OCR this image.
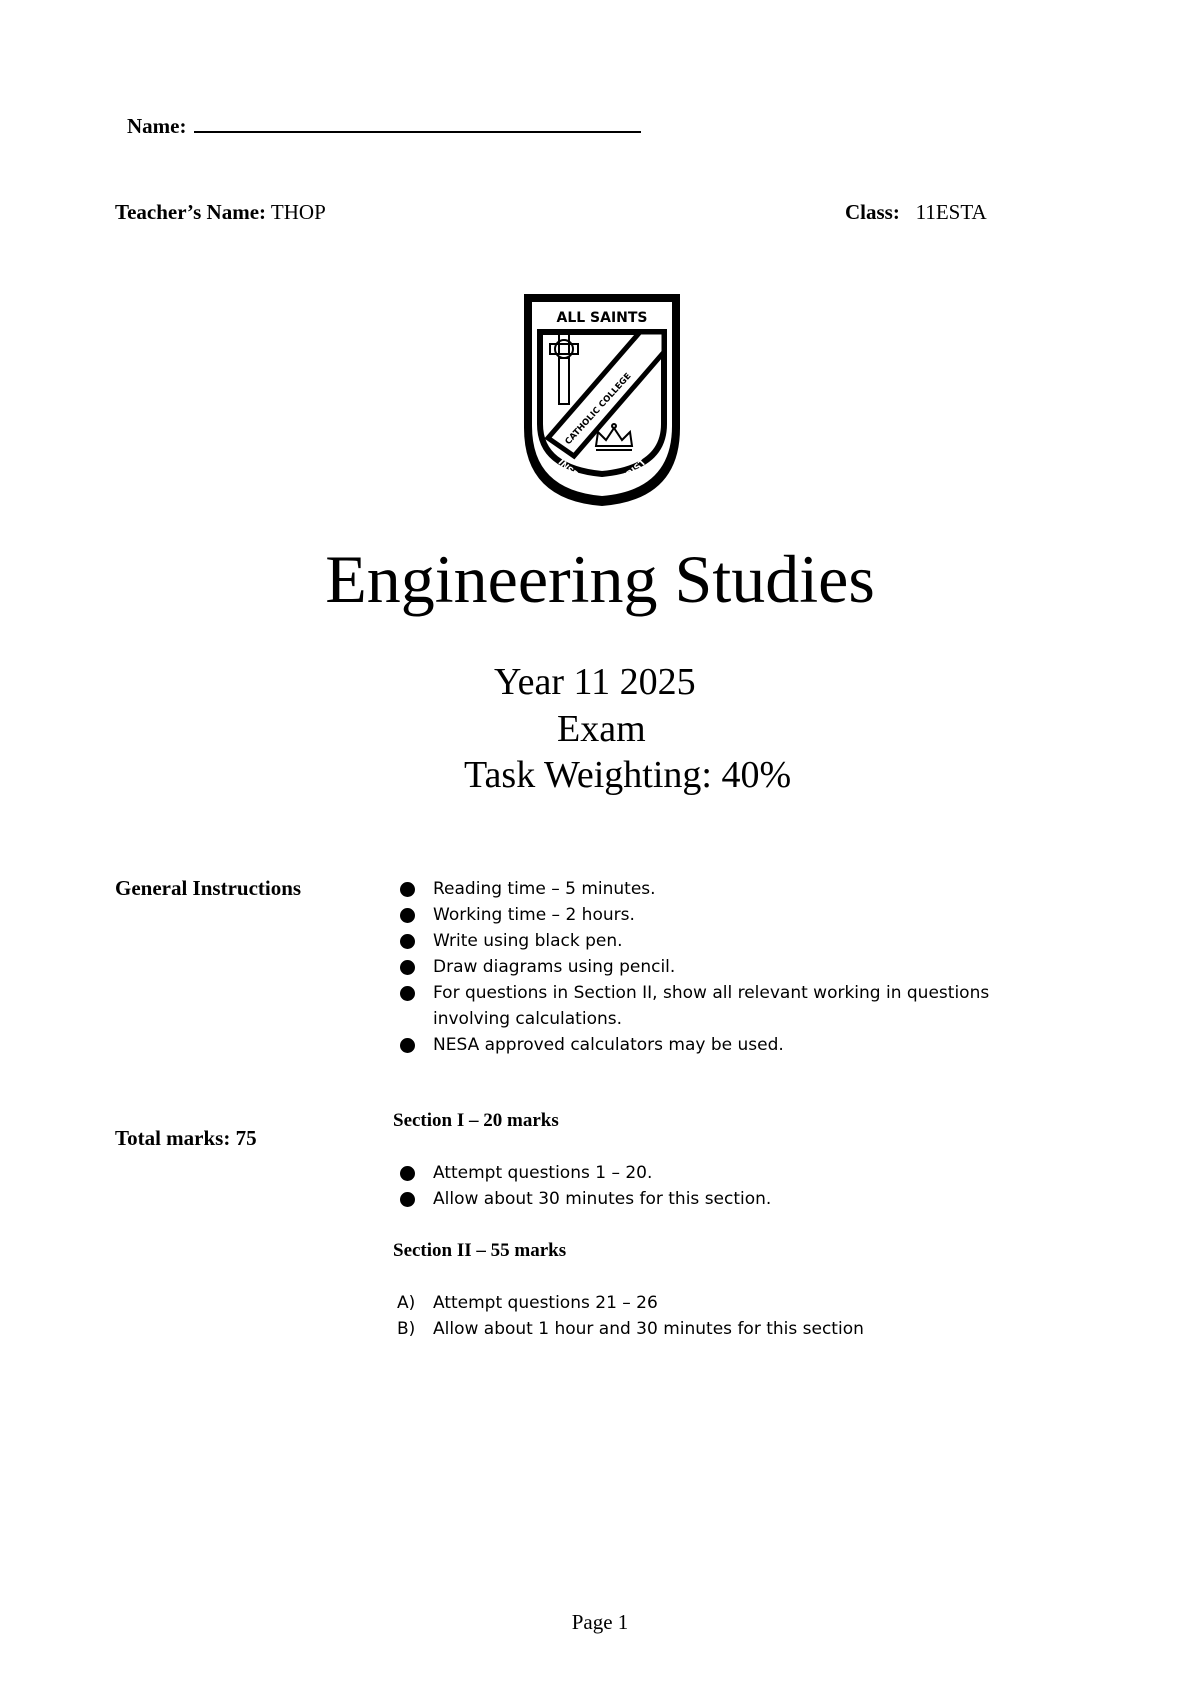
Name:
Teacher’s Name: THOP	Class: 11ESTA
ALL SAINTS
CATHOLIC COLLEGE
INSPIRED BY CHRIST
Engineering Studies
Year 11 2025
Exam
Task Weighting: 40%
General Instructions	Reading time – 5 minutes.
Working time – 2 hours.
Write using black pen.
Draw diagrams using pencil.
For questions in Section II, show all relevant working in questions involving calculations.
NESA approved calculators may be used.
Total marks: 75
Section I – 20 marks
Attempt questions 1 – 20.
Allow about 30 minutes for this section.
Section II – 55 marks
A) Attempt questions 21 – 26
B) Allow about 1 hour and 30 minutes for this section
Page 1
